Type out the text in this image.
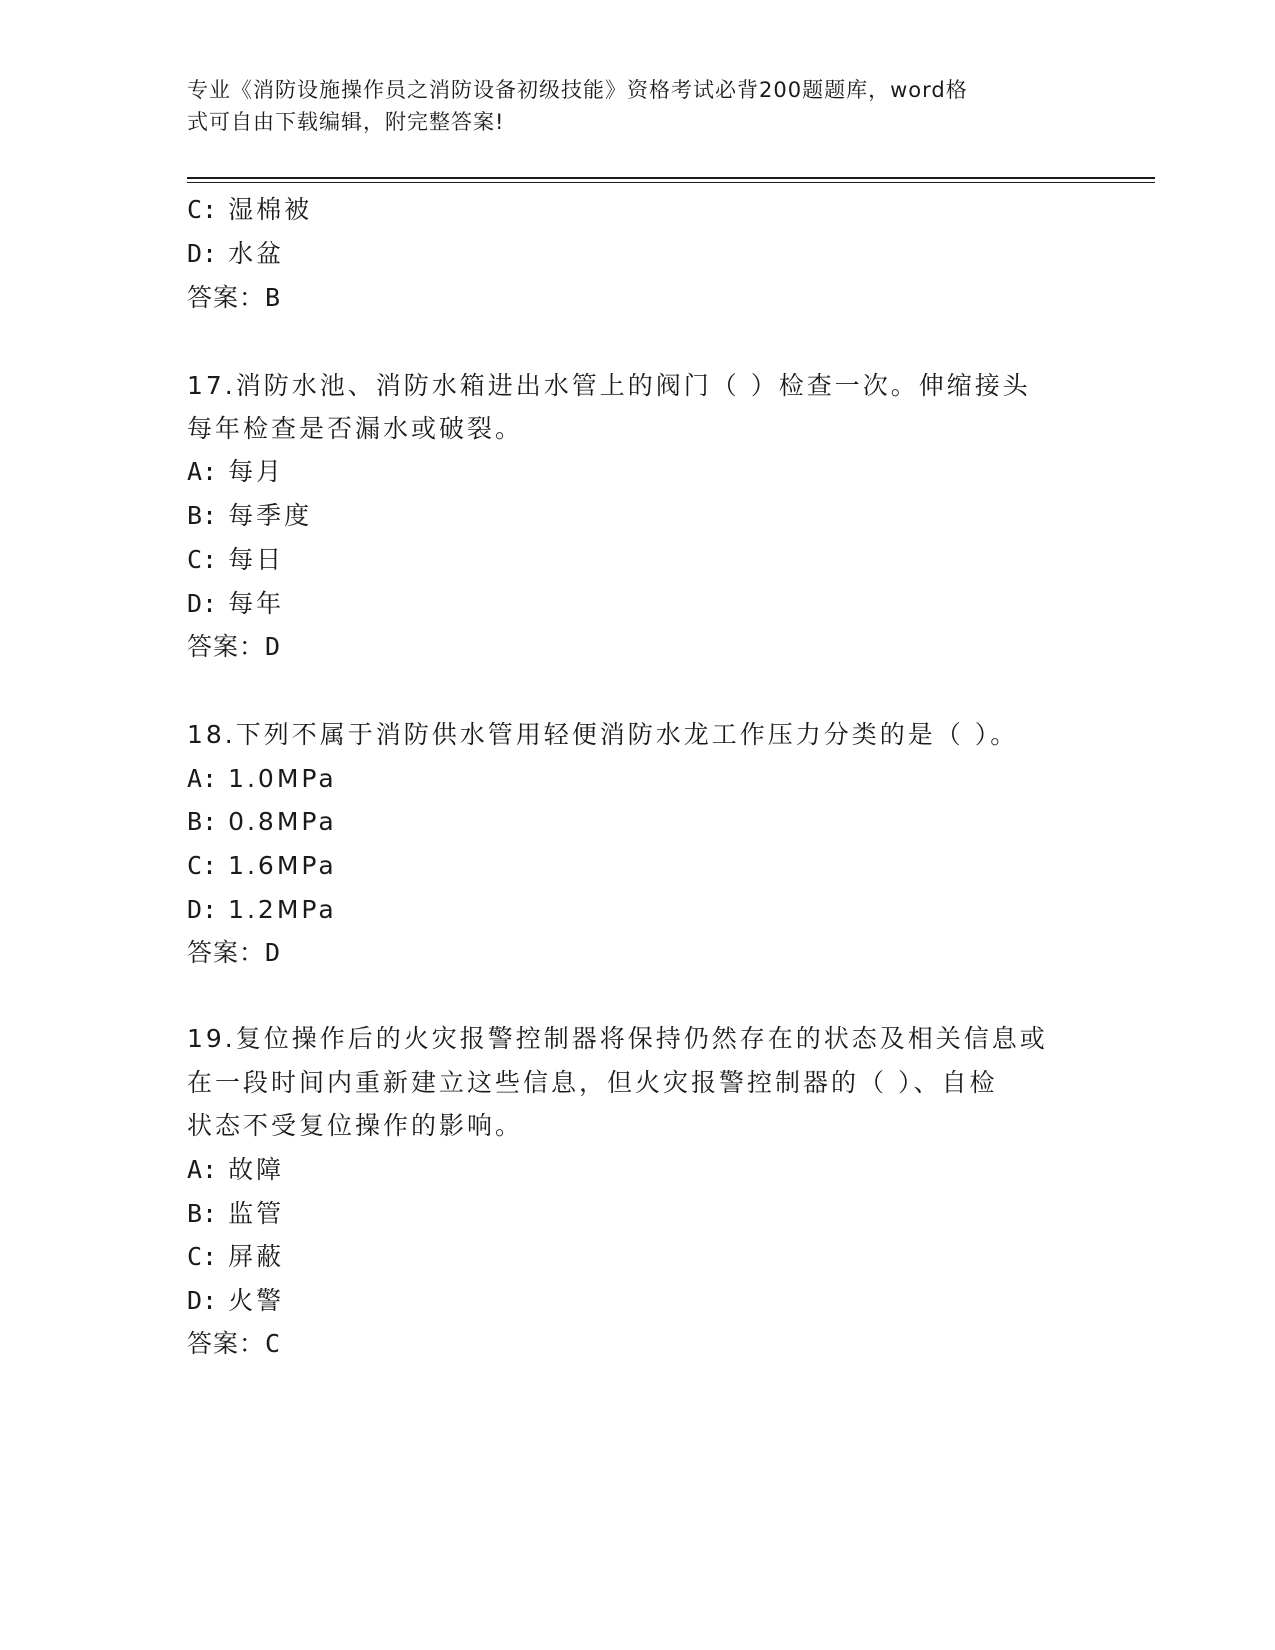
专业《消防设施操作员之消防设备初级技能》资格考试必背200题题库，word格
式可自由下载编辑，附完整答案!
C: 湿棉被
D: 水盆
答案：B
17.消防水池、消防水箱进出水管上的阀门（ ）检查一次。伸缩接头
每年检查是否漏水或破裂。
A: 每月
B: 每季度
C: 每日
D: 每年
答案：D
18.下列不属于消防供水管用轻便消防水龙工作压力分类的是（ ）。
A: 1.0MPa
B: 0.8MPa
C: 1.6MPa
D: 1.2MPa
答案：D
19.复位操作后的火灾报警控制器将保持仍然存在的状态及相关信息或
在一段时间内重新建立这些信息，但火灾报警控制器的（ ）、自检
状态不受复位操作的影响。
A: 故障
B: 监管
C: 屏蔽
D: 火警
答案：C
